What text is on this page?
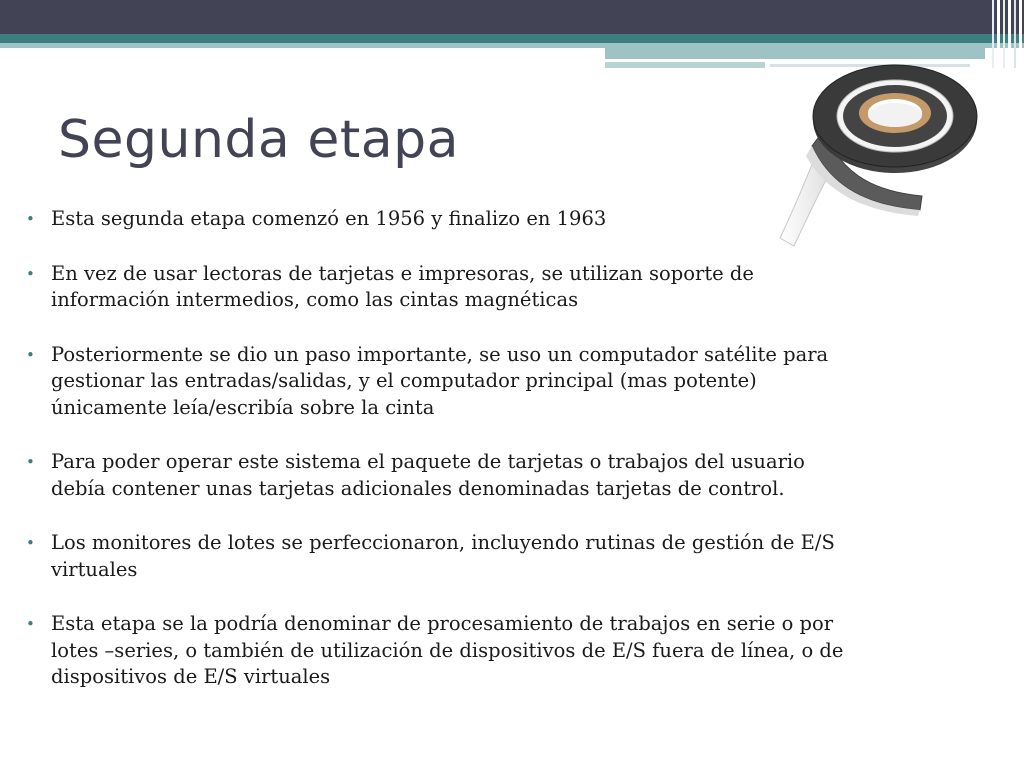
Segunda etapa
• Esta segunda etapa comenzó en 1956 y finalizo en 1963
• En vez de usar lectoras de tarjetas e impresoras, se utilizan soporte de información intermedios, como las cintas magnéticas
• Posteriormente se dio un paso importante, se uso un computador satélite para gestionar las entradas/salidas, y el computador principal (mas potente) únicamente leía/escribía sobre la cinta
• Para poder operar este sistema el paquete de tarjetas o trabajos del usuario debía contener unas tarjetas adicionales denominadas tarjetas de control.
• Los monitores de lotes se perfeccionaron, incluyendo rutinas de gestión de E/S virtuales
• Esta etapa se la podría denominar de procesamiento de trabajos en serie o por lotes –series, o también de utilización de dispositivos de E/S fuera de línea, o de dispositivos de E/S virtuales
